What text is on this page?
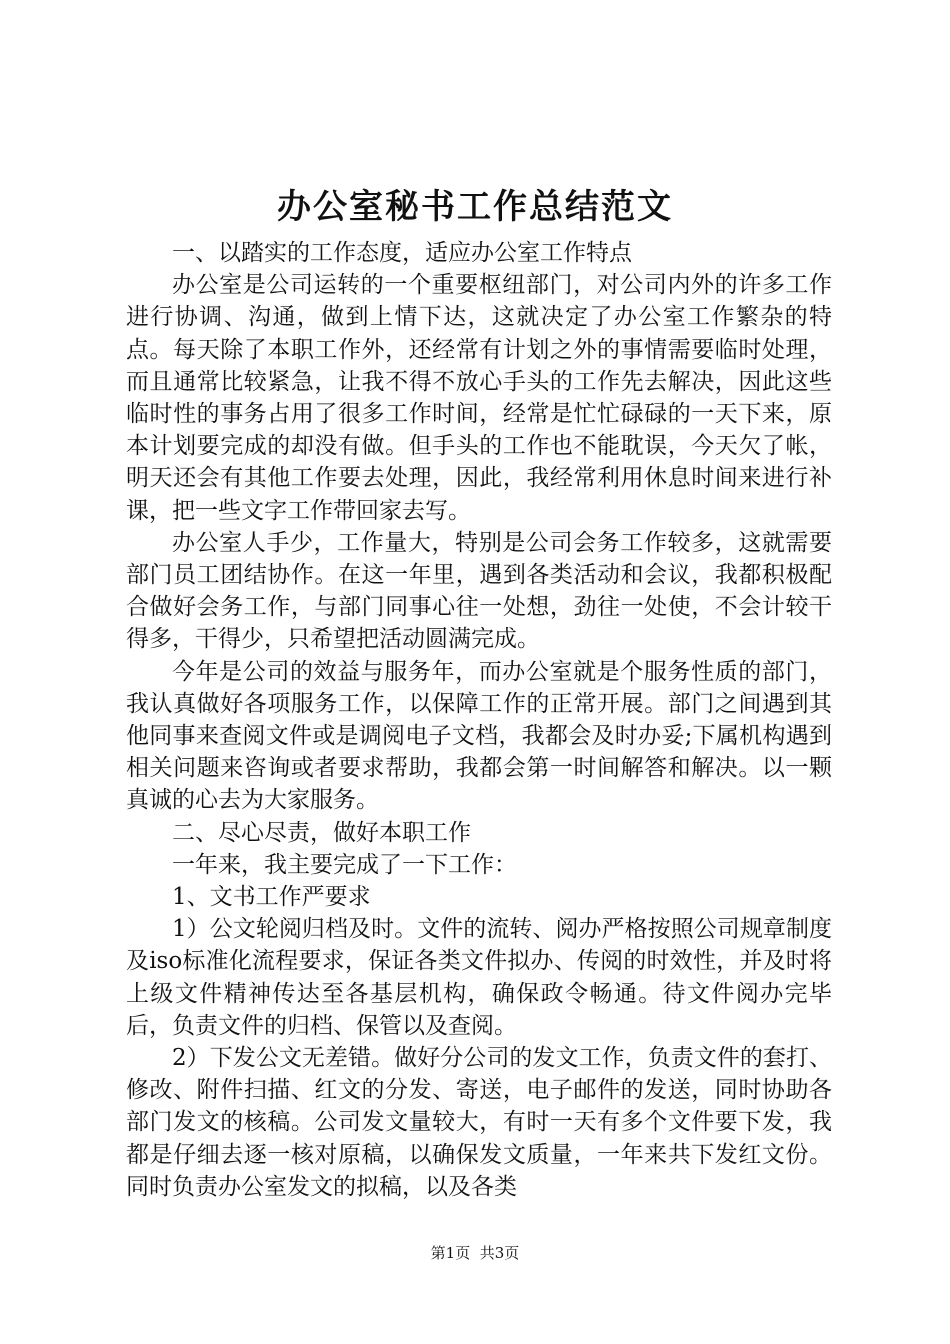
办公室秘书工作总结范文

一、以踏实的工作态度，适应办公室工作特点

办公室是公司运转的一个重要枢纽部门，对公司内外的许多工作进行协调、沟通，做到上情下达，这就决定了办公室工作繁杂的特点。每天除了本职工作外，还经常有计划之外的事情需要临时处理，而且通常比较紧急，让我不得不放心手头的工作先去解决，因此这些临时性的事务占用了很多工作时间，经常是忙忙碌碌的一天下来，原本计划要完成的却没有做。但手头的工作也不能耽误，今天欠了帐，明天还会有其他工作要去处理，因此，我经常利用休息时间来进行补课，把一些文字工作带回家去写。

办公室人手少，工作量大，特别是公司会务工作较多，这就需要部门员工团结协作。在这一年里，遇到各类活动和会议，我都积极配合做好会务工作，与部门同事心往一处想，劲往一处使，不会计较干得多，干得少，只希望把活动圆满完成。

今年是公司的效益与服务年，而办公室就是个服务性质的部门，我认真做好各项服务工作，以保障工作的正常开展。部门之间遇到其他同事来查阅文件或是调阅电子文档，我都会及时办妥;下属机构遇到相关问题来咨询或者要求帮助，我都会第一时间解答和解决。以一颗真诚的心去为大家服务。

二、尽心尽责，做好本职工作

一年来，我主要完成了一下工作：

1、文书工作严要求

1）公文轮阅归档及时。文件的流转、阅办严格按照公司规章制度及iso标准化流程要求，保证各类文件拟办、传阅的时效性，并及时将上级文件精神传达至各基层机构，确保政令畅通。待文件阅办完毕后，负责文件的归档、保管以及查阅。

2）下发公文无差错。做好分公司的发文工作，负责文件的套打、修改、附件扫描、红文的分发、寄送，电子邮件的发送，同时协助各部门发文的核稿。公司发文量较大，有时一天有多个文件要下发，我都是仔细去逐一核对原稿，以确保发文质量，一年来共下发红文份。同时负责办公室发文的拟稿，以及各类

第1页 共3页
